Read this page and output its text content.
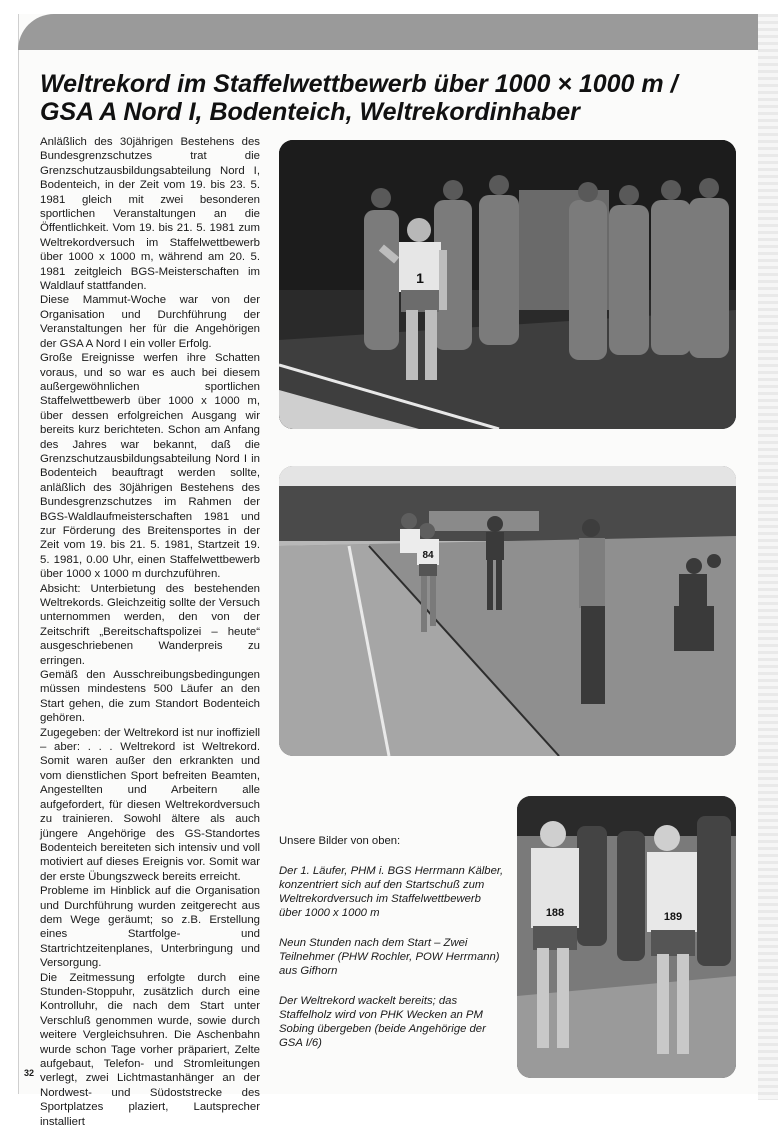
Weltrekord im Staffelwettbewerb über 1000 × 1000 m /
GSA A Nord I, Bodenteich, Weltrekordinhaber

Anläßlich des 30jährigen Bestehens des Bundesgrenzschutzes trat die Grenzschutzausbildungsabteilung Nord I, Bodenteich, in der Zeit vom 19. bis 23. 5. 1981 gleich mit zwei besonderen sportlichen Veranstaltungen an die Öffentlichkeit. Vom 19. bis 21. 5. 1981 zum Weltrekordversuch im Staffelwettbewerb über 1000 x 1000 m, während am 20. 5. 1981 zeitgleich BGS-Meisterschaften im Waldlauf stattfanden.

Diese Mammut-Woche war von der Organisation und Durchführung der Veranstaltungen her für die Angehörigen der GSA A Nord I ein voller Erfolg.

Große Ereignisse werfen ihre Schatten voraus, und so war es auch bei diesem außergewöhnlichen sportlichen Staffelwettbewerb über 1000 x 1000 m, über dessen erfolgreichen Ausgang wir bereits kurz berichteten. Schon am Anfang des Jahres war bekannt, daß die Grenzschutzausbildungsabteilung Nord I in Bodenteich beauftragt werden sollte, anläßlich des 30jährigen Bestehens des Bundesgrenzschutzes im Rahmen der BGS-Waldlaufmeisterschaften 1981 und zur Förderung des Breitensportes in der Zeit vom 19. bis 21. 5. 1981, Startzeit 19. 5. 1981, 0.00 Uhr, einen Staffelwettbewerb über 1000 x 1000 m durchzuführen.

Absicht: Unterbietung des bestehenden Weltrekords. Gleichzeitig sollte der Versuch unternommen werden, den von der Zeitschrift „Bereitschaftspolizei – heute“ ausgeschriebenen Wanderpreis zu erringen.

Gemäß den Ausschreibungsbedingungen müssen mindestens 500 Läufer an den Start gehen, die zum Standort Bodenteich gehören.

Zugegeben: der Weltrekord ist nur inoffiziell – aber: . . . Weltrekord ist Weltrekord. Somit waren außer den erkrankten und vom dienstlichen Sport befreiten Beamten, Angestellten und Arbeitern alle aufgefordert, für diesen Weltrekordversuch zu trainieren. Sowohl ältere als auch jüngere Angehörige des GS-Standortes Bodenteich bereiteten sich intensiv und voll motiviert auf dieses Ereignis vor. Somit war der erste Übungszweck bereits erreicht.

Probleme im Hinblick auf die Organisation und Durchführung wurden zeitgerecht aus dem Wege geräumt; so z.B. Erstellung eines Startfolge- und Startrichtzeitenplanes, Unterbringung und Versorgung.

Die Zeitmessung erfolgte durch eine Stunden-Stoppuhr, zusätzlich durch eine Kontrolluhr, die nach dem Start unter Verschluß genommen wurde, sowie durch weitere Vergleichsuhren. Die Aschenbahn wurde schon Tage vorher präpariert, Zelte aufgebaut, Telefon- und Stromleitungen verlegt, zwei Lichtmastanhänger an der Nordwest- und Südoststrecke des Sportplatzes plaziert, Lautsprecher installiert

32
1
84
188	189

Unsere Bilder von oben:

Der 1. Läufer, PHM i. BGS Herrmann Kälber, konzentriert sich auf den Startschuß zum Weltrekordversuch im Staffelwettbewerb über 1000 x 1000 m

Neun Stunden nach dem Start – Zwei Teilnehmer (PHW Rochler, POW Herrmann) aus Gifhorn

Der Weltrekord wackelt bereits; das Staffelholz wird von PHK Wecken an PM Sobing übergeben (beide Angehörige der GSA I/6)
